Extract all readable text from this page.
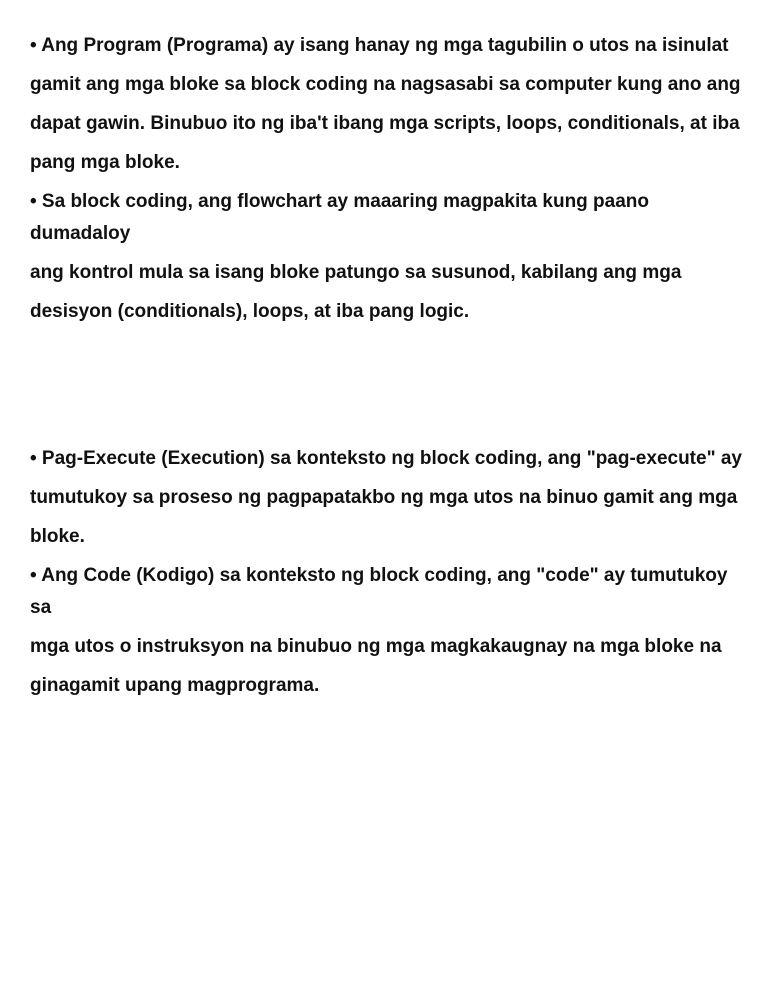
• Ang Program (Programa) ay isang hanay ng mga tagubilin o utos na isinulat

gamit ang mga bloke sa block coding na nagsasabi sa computer kung ano ang

dapat gawin. Binubuo ito ng iba't ibang mga scripts, loops, conditionals, at iba

pang mga bloke.

• Sa block coding, ang flowchart ay maaaring magpakita kung paano dumadaloy

ang kontrol mula sa isang bloke patungo sa susunod, kabilang ang mga

desisyon (conditionals), loops, at iba pang logic.

• Pag-Execute (Execution) sa konteksto ng block coding, ang "pag-execute" ay

tumutukoy sa proseso ng pagpapatakbo ng mga utos na binuo gamit ang mga

bloke.

• Ang Code (Kodigo) sa konteksto ng block coding, ang "code" ay tumutukoy sa

mga utos o instruksyon na binubuo ng mga magkakaugnay na mga bloke na

ginagamit upang magprograma.
